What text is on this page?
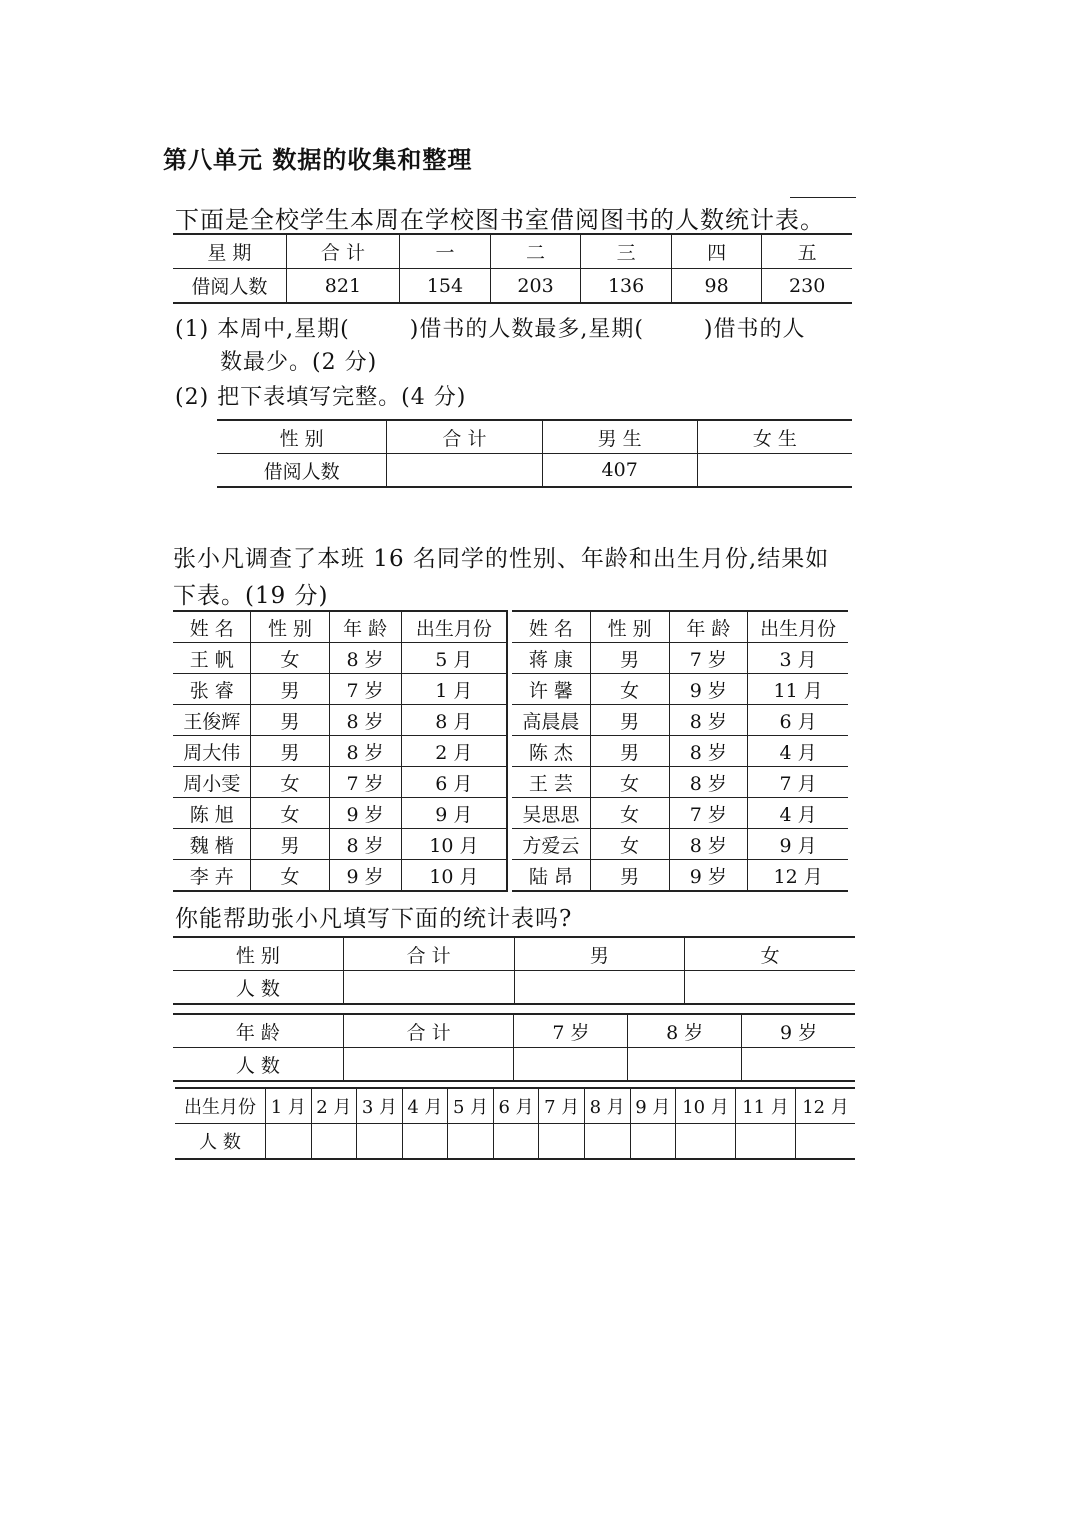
第八单元 数据的收集和整理
下面是全校学生本周在学校图书室借阅图书的人数统计表。
星 期	合 计	一	二	三	四	五
借阅人数	821	154	203	136	98	230
(1) 本周中,星期(	)借书的人数最多,星期(	)借书的人
数最少。(2 分)
(2) 把下表填写完整。(4 分)
性 别	合 计	男 生	女 生
借阅人数		407	
张小凡调查了本班 16 名同学的性别、年龄和出生月份,结果如
下表。(19 分)
姓 名	性 别	年 龄	出生月份
王 帆	女	8 岁	5 月
张 睿	男	7 岁	1 月
王俊辉	男	8 岁	8 月
周大伟	男	8 岁	2 月
周小雯	女	7 岁	6 月
陈 旭	女	9 岁	9 月
魏 楷	男	8 岁	10 月
李 卉	女	9 岁	10 月
姓 名	性 别	年 龄	出生月份
蒋 康	男	7 岁	3 月
许 馨	女	9 岁	11 月
高晨晨	男	8 岁	6 月
陈 杰	男	8 岁	4 月
王 芸	女	8 岁	7 月
吴思思	女	7 岁	4 月
方爱云	女	8 岁	9 月
陆 昂	男	9 岁	12 月
你能帮助张小凡填写下面的统计表吗?
性 别	合 计	男	女
人 数			
年 龄	合 计	7 岁	8 岁	9 岁
人 数				
出生月份	1 月	2 月	3 月	4 月	5 月	6 月	7 月	8 月	9 月	10 月	11 月	12 月
人 数												
